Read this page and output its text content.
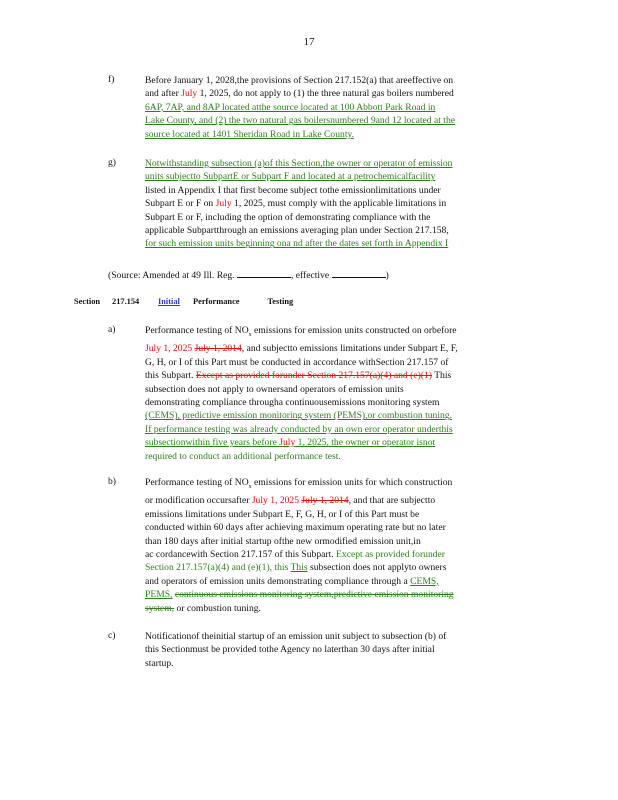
17
f)	Before January 1, 2028,the provisions of Section 217.152(a) that areeffective on
and after July 1, 2025, do not apply to (1) the three natural gas boilers numbered
6AP, 7AP, and 8AP located atthe source located at 100 Abbott Park Road in
Lake County, and (2) the two natural gas boilersnumbered 9and 12 located at the
source located at 1401 Sheridan Road in Lake County.
g)	Notwithstanding subsection (a)of this Section,the owner or operator of emission
units subjectto SubpartE or Subpart F and located at a petrochemicalfacility
listed in Appendix I that first become subject tothe emissionlimitations under
Subpart E or F on July 1, 2025, must comply with the applicable limitations in
Subpart E or F, including the option of demonstrating compliance with the
applicable Subpartthrough an emissions averaging plan under Section 217.158,
for such emission units beginning ona nd after the dates set forth in Appendix I
(Source: Amended at 49 Ill. Reg.	, effective	)
Section 217.154 Initial Performance Testing
a)	Performance testing of $NO_x$ emissions for emission units constructed on orbefore
July 1, 2025 July 1, 2014, and subjectto emissions limitations under Subpart E, F,
G, H, or I of this Part must be conducted in accordance withSection 217.157 of
this Subpart. Except as provided forunder Section 217.157(a)(4) and (e)(1) This
subsection does not apply to ownersand operators of emission units
demonstrating compliance througha continuousemissions monitoring system
(CEMS), predictive emission monitoring system (PEMS),or combustion tuning.
If performance testing was already conducted by an own eror operator underthis
subsectionwithin five years before July 1, 2025, the owner or operator isnot
required to conduct an additional performance test.
b)	Performance testing of $NO_x$ emissions for emission units for which construction
or modification occursafter July 1, 2025 July 1, 2014, and that are subjectto
emissions limitations under Subpart E, F, G, H, or I of this Part must be
conducted within 60 days after achieving maximum operating rate but no later
than 180 days after initial startup ofthe new ormodified emission unit,in
ac cordancewith Section 217.157 of this Subpart. Except as provided forunder
Section 217.157(a)(4) and (e)(1), this This subsection does not applyto owners
and operators of emission units demonstrating compliance through a CEMS,
PEMS, continuous emissions monitoring system,predictive emission monitoring
system, or combustion tuning.
c)	Notificationof theinitial startup of an emission unit subject to subsection (b) of
this Sectionmust be provided tothe Agency no laterthan 30 days after initial
startup.
